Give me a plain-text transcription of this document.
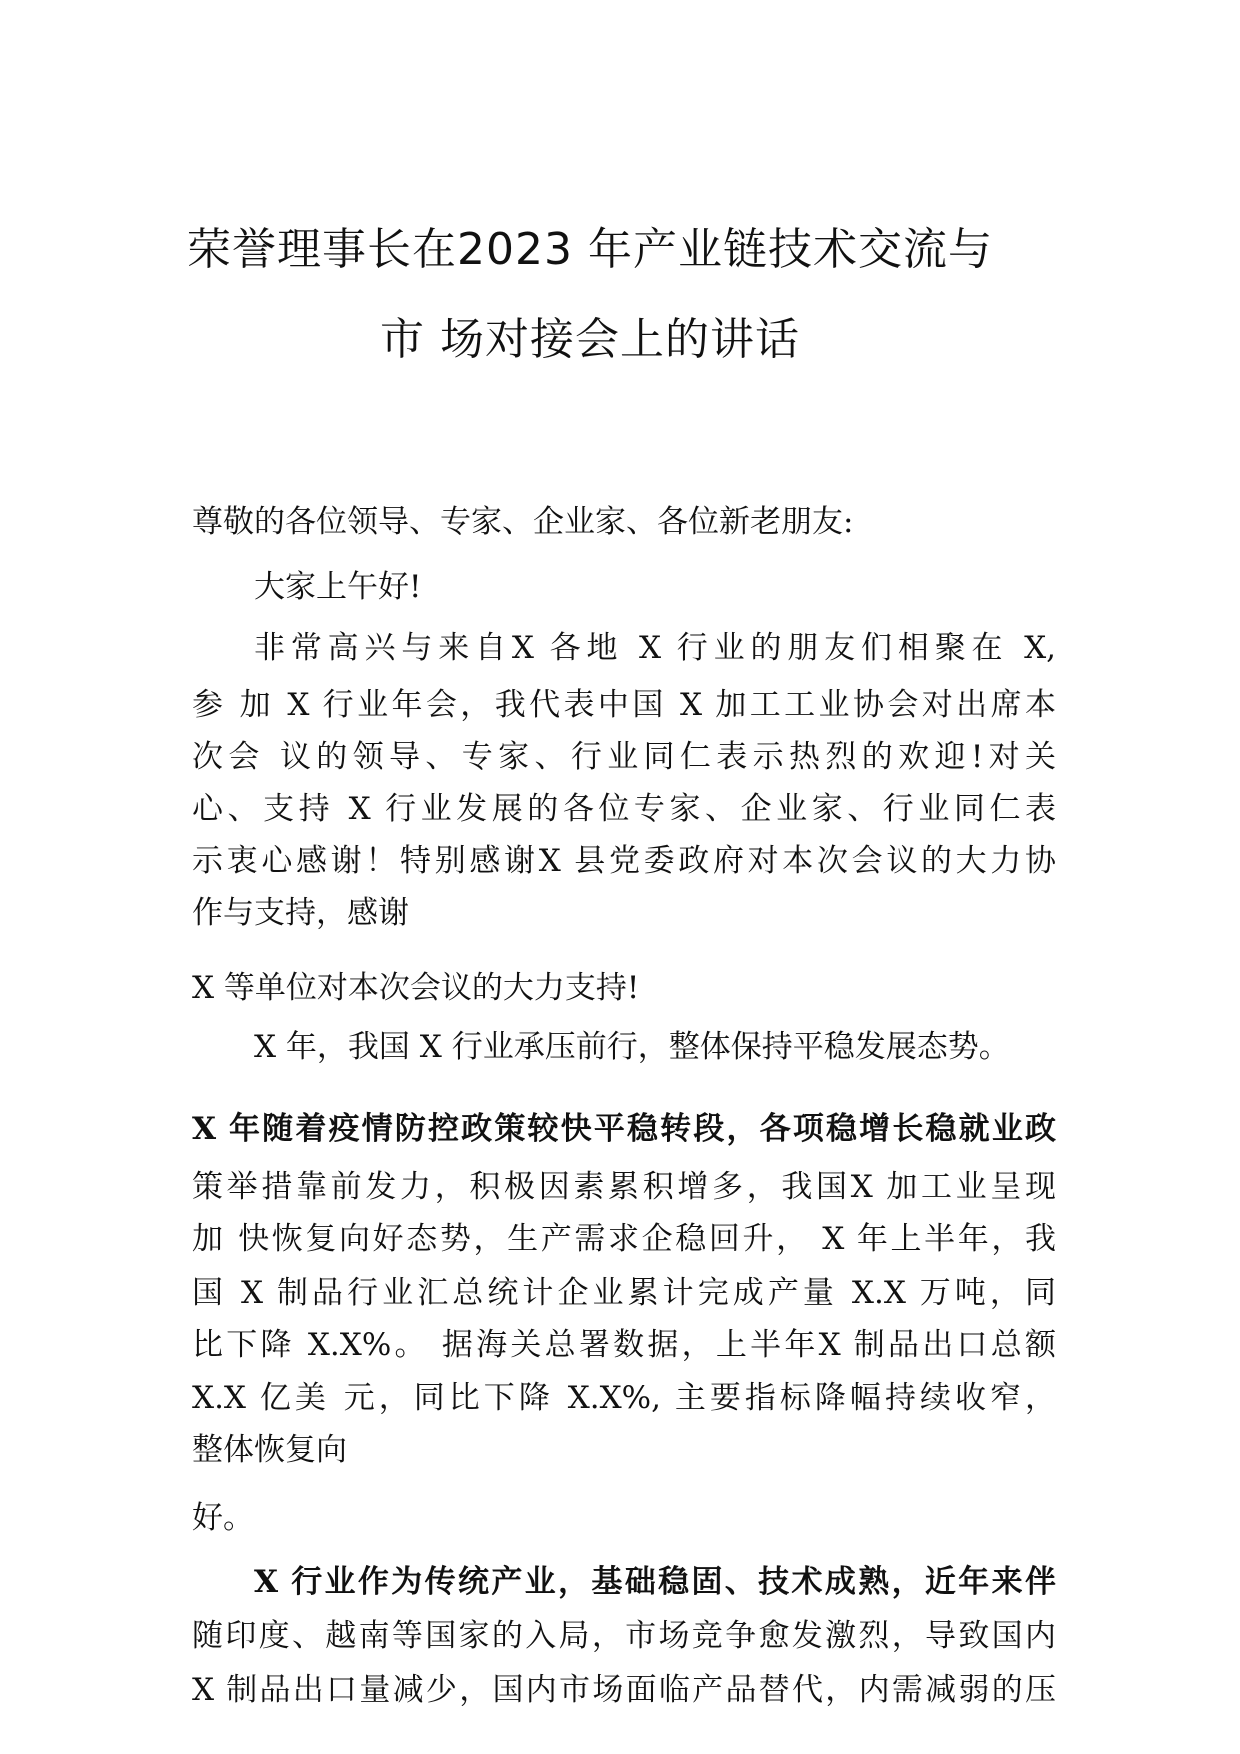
荣誉理事长在2023 年产业链技术交流与
市 场对接会上的讲话
尊敬的各位领导、专家、企业家、各位新老朋友:
大家上午好!
非常高兴与来自X 各地 X 行业的朋友们相聚在 X,
参 加 X 行业年会，我代表中国 X 加工工业协会对出席本
次会 议的领导、专家、行业同仁表示热烈的欢迎!对关
心、支持 X 行业发展的各位专家、企业家、行业同仁表
示衷心感谢！特别感谢X 县党委政府对本次会议的大力协
作与支持，感谢
X 等单位对本次会议的大力支持!
X 年，我国 X 行业承压前行，整体保持平稳发展态势。
X 年随着疫情防控政策较快平稳转段，各项稳增长稳就业政
策举措靠前发力，积极因素累积增多，我国X 加工业呈现
加 快恢复向好态势，生产需求企稳回升， X 年上半年，我
国 X 制品行业汇总统计企业累计完成产量 X.X 万吨，同
比下降 X.X%。 据海关总署数据，上半年X 制品出口总额
X.X 亿美 元，同比下降 X.X%, 主要指标降幅持续收窄，
整体恢复向
好。
X 行业作为传统产业，基础稳固、技术成熟，近年来伴
随印度、越南等国家的入局，市场竞争愈发激烈，导致国内
X 制品出口量减少，国内市场面临产品替代，内需减弱的压
